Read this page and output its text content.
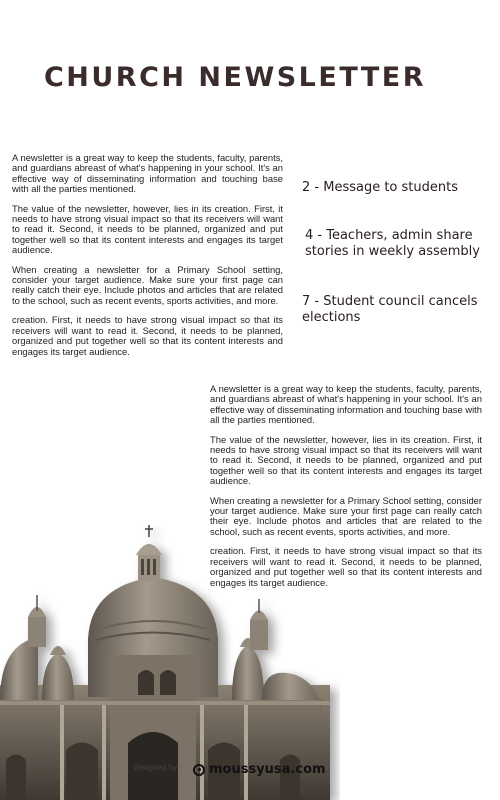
CHURCH NEWSLETTER

A newsletter is a great way to keep the students, faculty, parents, and guardians abreast of what's happening in your school. It's an effective way of disseminating information and touching base with all the parties mentioned.

The value of the newsletter, however, lies in its creation. First, it needs to have strong visual impact so that its receivers will want to read it. Second, it needs to be planned, organized and put together well so that its content interests and engages its target audience.

When creating a newsletter for a Primary School setting, consider your target audience. Make sure your first page can really catch their eye. Include photos and articles that are related to the school, such as recent events, sports activities, and more.

creation. First, it needs to have strong visual impact so that its receivers will want to read it. Second, it needs to be planned, organized and put together well so that its content interests and engages its target audience.

2 - Message to students
4 - Teachers, admin share stories in weekly assembly
7 - Student council cancels elections

A newsletter is a great way to keep the students, faculty, parents, and guardians abreast of what's happening in your school. It's an effective way of disseminating information and touching base with all the parties mentioned.

The value of the newsletter, however, lies in its creation. First, it needs to have strong visual impact so that its receivers will want to read it. Second, it needs to be planned, organized and put together well so that its content interests and engages its target audience.

When creating a newsletter for a Primary School setting, consider your target audience. Make sure your first page can really catch their eye. Include photos and articles that are related to the school, such as recent events, sports activities, and more.

creation. First, it needs to have strong visual impact so that its receivers will want to read it. Second, it needs to be planned, organized and put together well so that its content interests and engages its target audience.

designed by : moussyusa.com
